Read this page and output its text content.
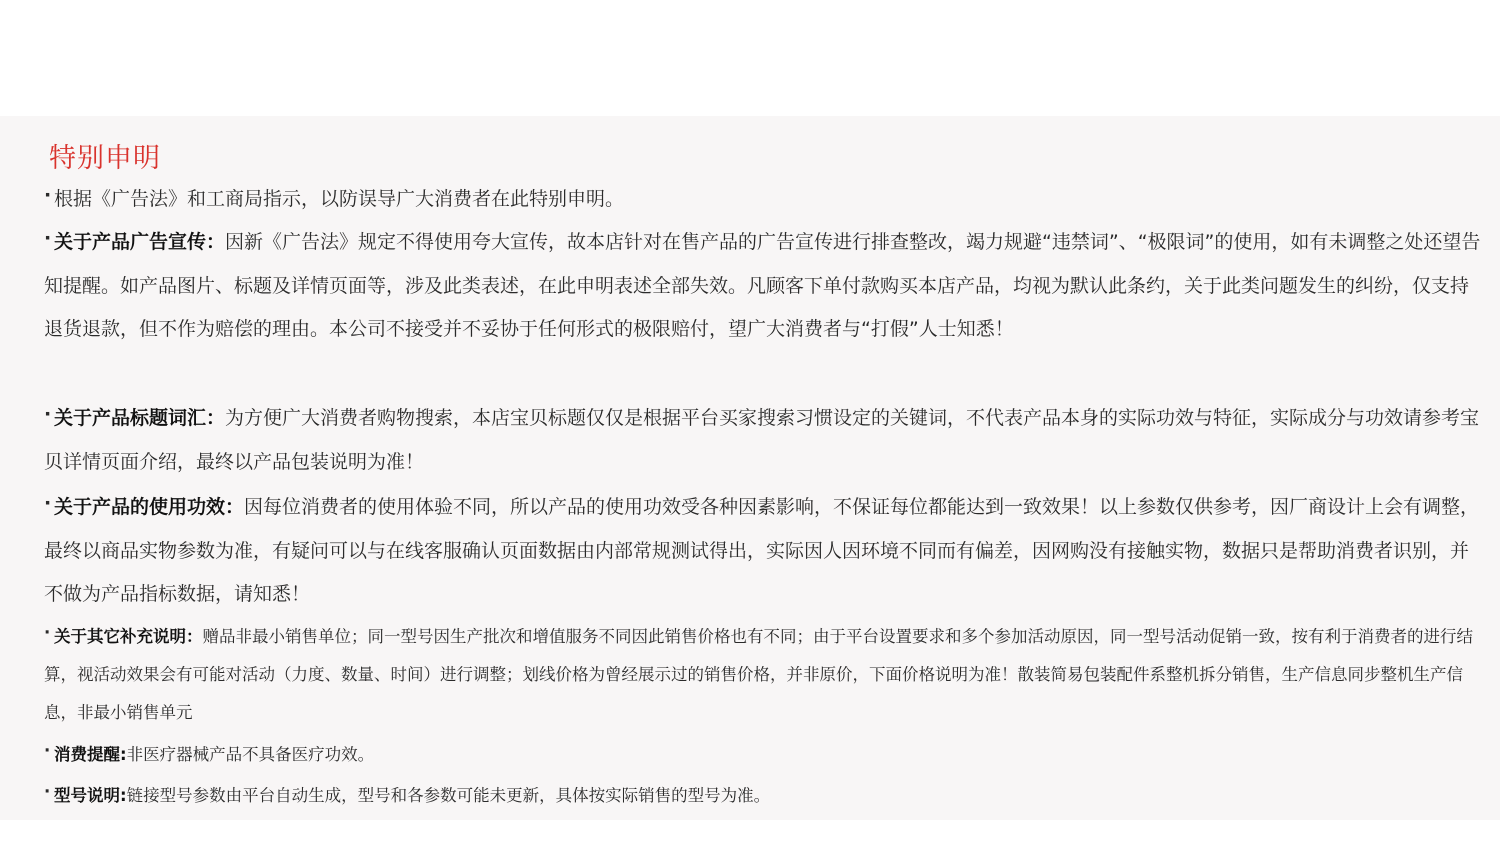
特别申明

· 根据《广告法》和工商局指示，以防误导广大消费者在此特别申明。

· 关于产品广告宣传：因新《广告法》规定不得使用夸大宣传，故本店针对在售产品的广告宣传进行排查整改，竭力规避“违禁词”、“极限词”的使用，如有未调整之处还望告知提醒。如产品图片、标题及详情页面等，涉及此类表述，在此申明表述全部失效。凡顾客下单付款购买本店产品，均视为默认此条约，关于此类问题发生的纠纷，仅支持退货退款，但不作为赔偿的理由。本公司不接受并不妥协于任何形式的极限赔付，望广大消费者与“打假”人士知悉！

· 关于产品标题词汇：为方便广大消费者购物搜索，本店宝贝标题仅仅是根据平台买家搜索习惯设定的关键词，不代表产品本身的实际功效与特征，实际成分与功效请参考宝贝详情页面介绍，最终以产品包装说明为准！

· 关于产品的使用功效：因每位消费者的使用体验不同，所以产品的使用功效受各种因素影响，不保证每位都能达到一致效果！以上参数仅供参考，因厂商设计上会有调整，最终以商品实物参数为准，有疑问可以与在线客服确认页面数据由内部常规测试得出，实际因人因环境不同而有偏差，因网购没有接触实物，数据只是帮助消费者识别，并不做为产品指标数据，请知悉！

· 关于其它补充说明：赠品非最小销售单位；同一型号因生产批次和增值服务不同因此销售价格也有不同；由于平台设置要求和多个参加活动原因，同一型号活动促销一致，按有利于消费者的进行结算，视活动效果会有可能对活动（力度、数量、时间）进行调整；划线价格为曾经展示过的销售价格，并非原价，下面价格说明为准！散装简易包装配件系整机拆分销售，生产信息同步整机生产信息，非最小销售单元

· 消费提醒:非医疗器械产品不具备医疗功效。

· 型号说明:链接型号参数由平台自动生成，型号和各参数可能未更新，具体按实际销售的型号为准。
